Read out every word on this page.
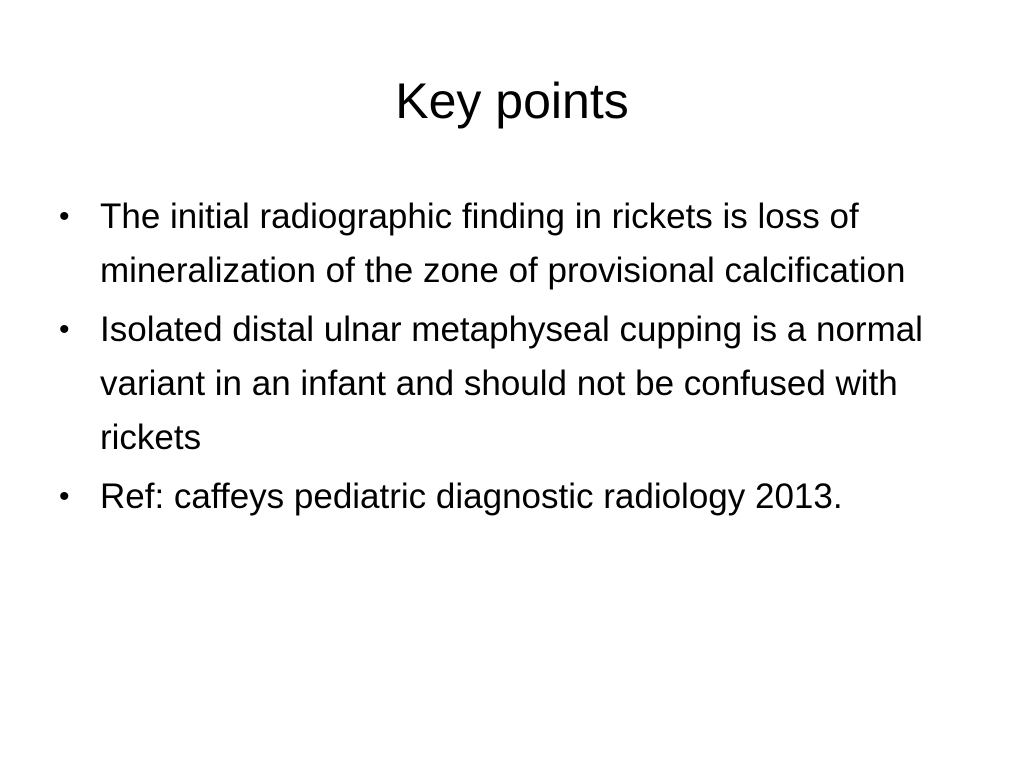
Key points
• The initial radiographic finding in rickets is loss of mineralization of the zone of provisional calcification
• Isolated distal ulnar metaphyseal cupping is a normal variant in an infant and should not be confused with rickets
• Ref: caffeys pediatric diagnostic radiology 2013.
